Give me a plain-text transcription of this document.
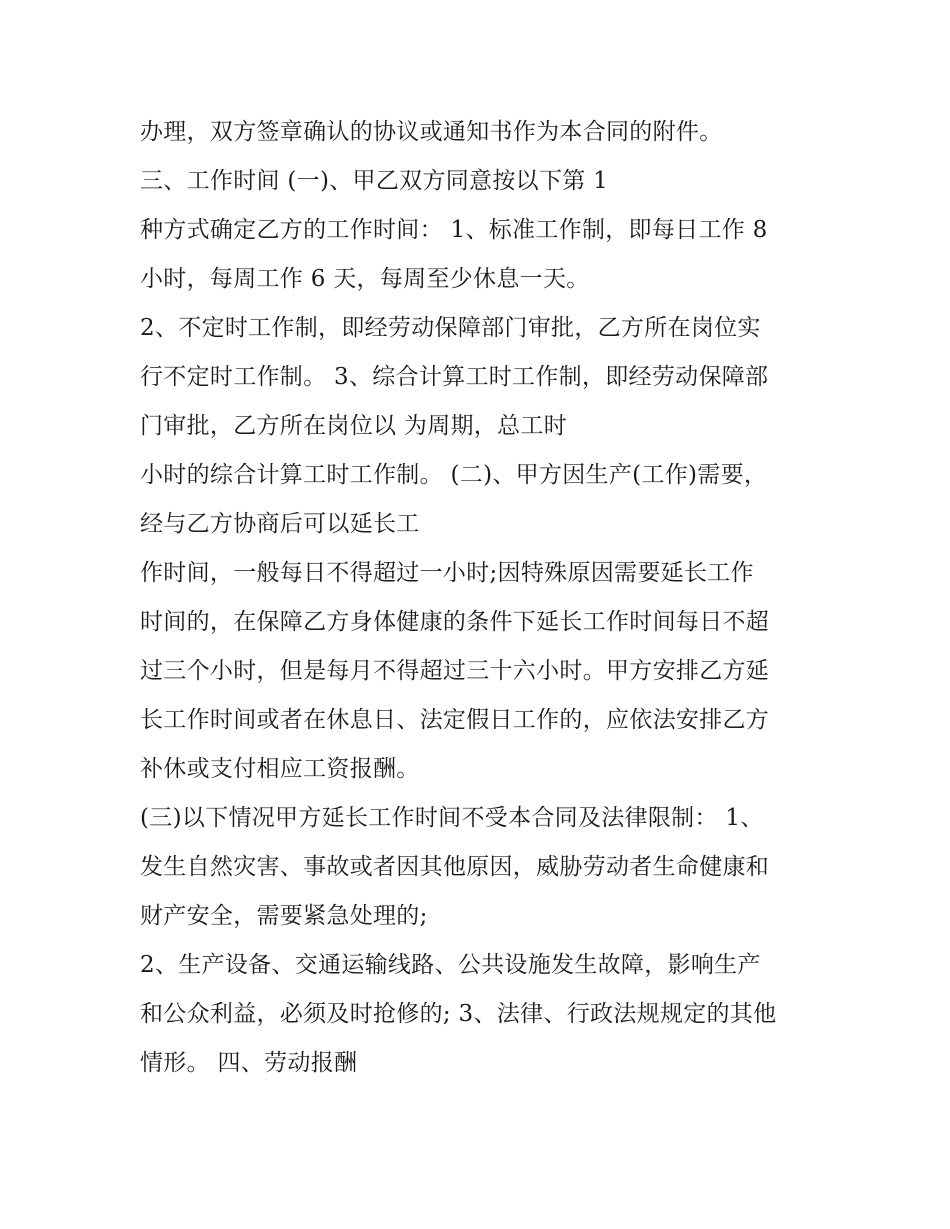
办理，双方签章确认的协议或通知书作为本合同的附件。
三、工作时间 (一)、甲乙双方同意按以下第 1
种方式确定乙方的工作时间： 1、标准工作制，即每日工作 8
小时，每周工作 6 天，每周至少休息一天。
2、不定时工作制，即经劳动保障部门审批，乙方所在岗位实
行不定时工作制。 3、综合计算工时工作制，即经劳动保障部
门审批，乙方所在岗位以 为周期，总工时
小时的综合计算工时工作制。 (二)、甲方因生产(工作)需要，
经与乙方协商后可以延长工
作时间，一般每日不得超过一小时;因特殊原因需要延长工作
时间的，在保障乙方身体健康的条件下延长工作时间每日不超
过三个小时，但是每月不得超过三十六小时。甲方安排乙方延
长工作时间或者在休息日、法定假日工作的，应依法安排乙方
补休或支付相应工资报酬。
(三)以下情况甲方延长工作时间不受本合同及法律限制： 1、
发生自然灾害、事故或者因其他原因，威胁劳动者生命健康和
财产安全，需要紧急处理的;
2、生产设备、交通运输线路、公共设施发生故障，影响生产
和公众利益，必须及时抢修的; 3、法律、行政法规规定的其他
情形。 四、劳动报酬
